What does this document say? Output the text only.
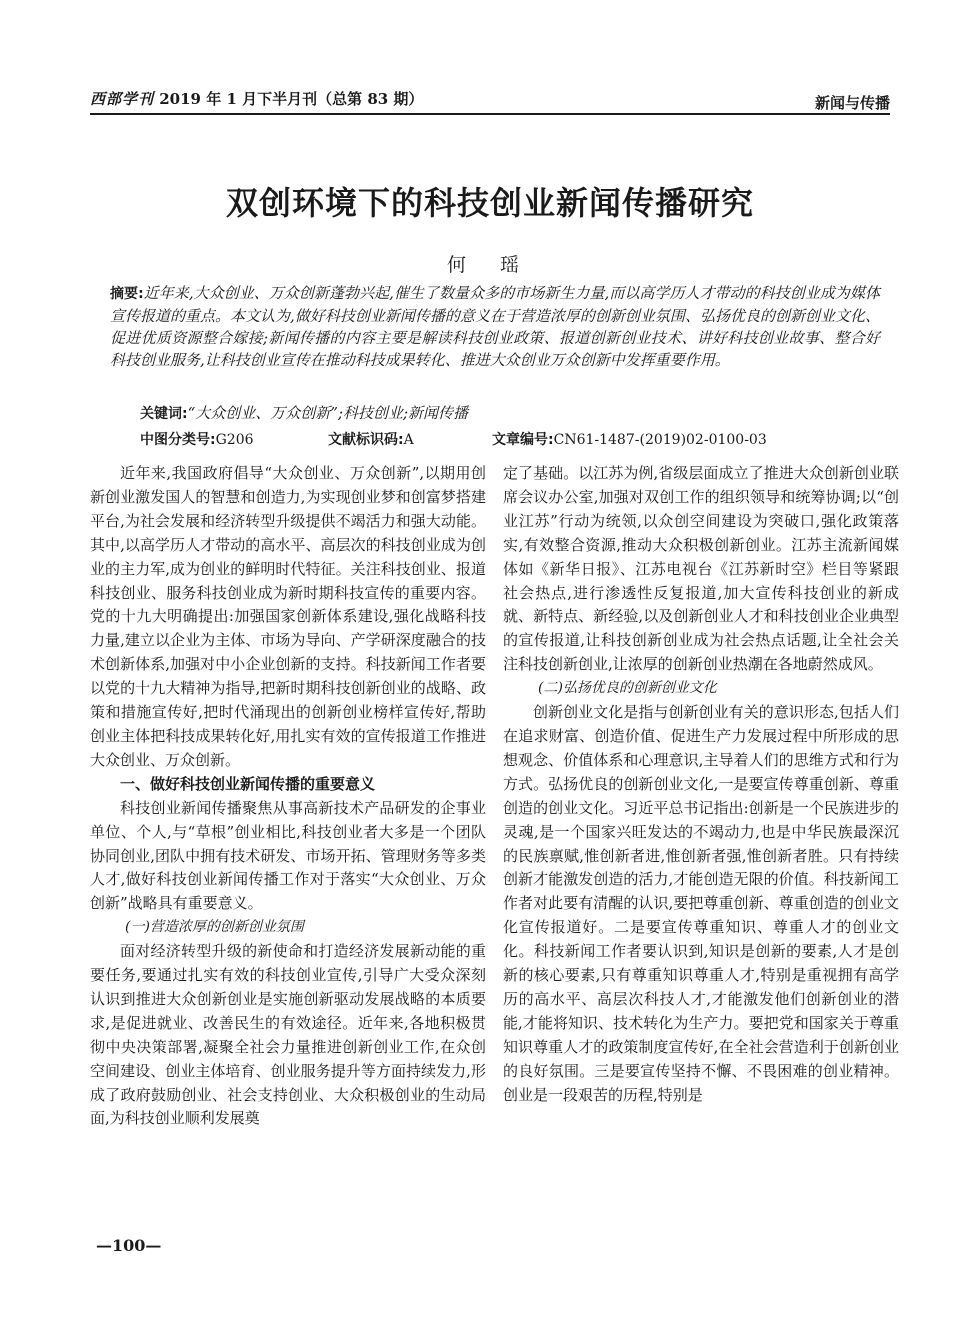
西部学刊 2019 年 1 月下半月刊（总第 83 期）	新闻与传播
双创环境下的科技创业新闻传播研究
何 瑶
摘要:近年来,大众创业、万众创新蓬勃兴起,催生了数量众多的市场新生力量,而以高学历人才带动的科技创业成为媒体宣传报道的重点。本文认为,做好科技创业新闻传播的意义在于营造浓厚的创新创业氛围、弘扬优良的创新创业文化、促进优质资源整合嫁接;新闻传播的内容主要是解读科技创业政策、报道创新创业技术、讲好科技创业故事、整合好科技创业服务,让科技创业宣传在推动科技成果转化、推进大众创业万众创新中发挥重要作用。
关键词:“大众创业、万众创新”;科技创业;新闻传播
中图分类号:G206	文献标识码:A	文章编号:CN61-1487-(2019)02-0100-03

近年来,我国政府倡导“大众创业、万众创新”,以期用创新创业激发国人的智慧和创造力,为实现创业梦和创富梦搭建平台,为社会发展和经济转型升级提供不竭活力和强大动能。其中,以高学历人才带动的高水平、高层次的科技创业成为创业的主力军,成为创业的鲜明时代特征。关注科技创业、报道科技创业、服务科技创业成为新时期科技宣传的重要内容。党的十九大明确提出:加强国家创新体系建设,强化战略科技力量,建立以企业为主体、市场为导向、产学研深度融合的技术创新体系,加强对中小企业创新的支持。科技新闻工作者要以党的十九大精神为指导,把新时期科技创新创业的战略、政策和措施宣传好,把时代涌现出的创新创业榜样宣传好,帮助创业主体把科技成果转化好,用扎实有效的宣传报道工作推进大众创业、万众创新。

一、做好科技创业新闻传播的重要意义

科技创业新闻传播聚焦从事高新技术产品研发的企事业单位、个人,与“草根”创业相比,科技创业者大多是一个团队协同创业,团队中拥有技术研发、市场开拓、管理财务等多类人才,做好科技创业新闻传播工作对于落实“大众创业、万众创新”战略具有重要意义。

(一)营造浓厚的创新创业氛围

面对经济转型升级的新使命和打造经济发展新动能的重要任务,要通过扎实有效的科技创业宣传,引导广大受众深刻认识到推进大众创新创业是实施创新驱动发展战略的本质要求,是促进就业、改善民生的有效途径。近年来,各地积极贯彻中央决策部署,凝聚全社会力量推进创新创业工作,在众创空间建设、创业主体培育、创业服务提升等方面持续发力,形成了政府鼓励创业、社会支持创业、大众积极创业的生动局面,为科技创业顺利发展奠

定了基础。以江苏为例,省级层面成立了推进大众创新创业联席会议办公室,加强对双创工作的组织领导和统筹协调;以“创业江苏”行动为统领,以众创空间建设为突破口,强化政策落实,有效整合资源,推动大众积极创新创业。江苏主流新闻媒体如《新华日报》、江苏电视台《江苏新时空》栏目等紧跟社会热点,进行渗透性反复报道,加大宣传科技创业的新成就、新特点、新经验,以及创新创业人才和科技创业企业典型的宣传报道,让科技创新创业成为社会热点话题,让全社会关注科技创新创业,让浓厚的创新创业热潮在各地蔚然成风。

(二)弘扬优良的创新创业文化

创新创业文化是指与创新创业有关的意识形态,包括人们在追求财富、创造价值、促进生产力发展过程中所形成的思想观念、价值体系和心理意识,主导着人们的思维方式和行为方式。弘扬优良的创新创业文化,一是要宣传尊重创新、尊重创造的创业文化。习近平总书记指出:创新是一个民族进步的灵魂,是一个国家兴旺发达的不竭动力,也是中华民族最深沉的民族禀赋,惟创新者进,惟创新者强,惟创新者胜。只有持续创新才能激发创造的活力,才能创造无限的价值。科技新闻工作者对此要有清醒的认识,要把尊重创新、尊重创造的创业文化宣传报道好。二是要宣传尊重知识、尊重人才的创业文化。科技新闻工作者要认识到,知识是创新的要素,人才是创新的核心要素,只有尊重知识尊重人才,特别是重视拥有高学历的高水平、高层次科技人才,才能激发他们创新创业的潜能,才能将知识、技术转化为生产力。要把党和国家关于尊重知识尊重人才的政策制度宣传好,在全社会营造利于创新创业的良好氛围。三是要宣传坚持不懈、不畏困难的创业精神。创业是一段艰苦的历程,特别是

—100—
